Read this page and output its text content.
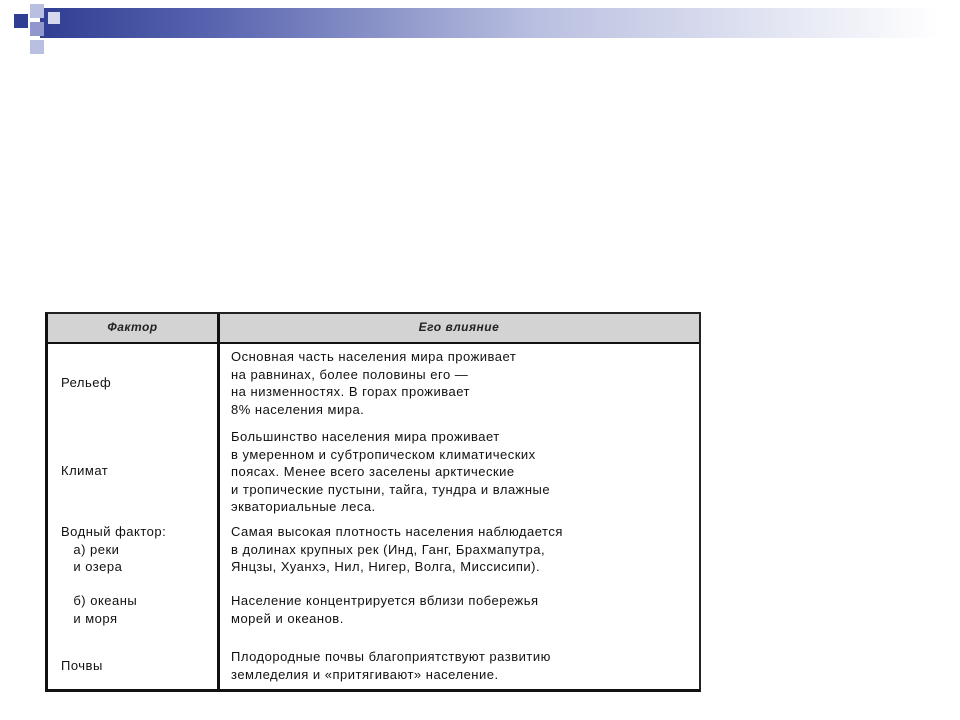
Фактор	Его влияние
Рельеф
Основная часть населения мира проживает
на равнинах, более половины его —
на низменностях. В горах проживает
8% населения мира.
Климат
Большинство населения мира проживает
в умеренном и субтропическом климатических
поясах. Менее всего заселены арктические
и тропические пустыни, тайга, тундра и влажные
экваториальные леса.
Водный фактор:
а) реки
и озера
Самая высокая плотность населения наблюдается
в долинах крупных рек (Инд, Ганг, Брахмапутра,
Янцзы, Хуанхэ, Нил, Нигер, Волга, Миссисипи).
б) океаны
и моря
Население концентрируется вблизи побережья
морей и океанов.
Почвы
Плодородные почвы благоприятствуют развитию
земледелия и «притягивают» население.
